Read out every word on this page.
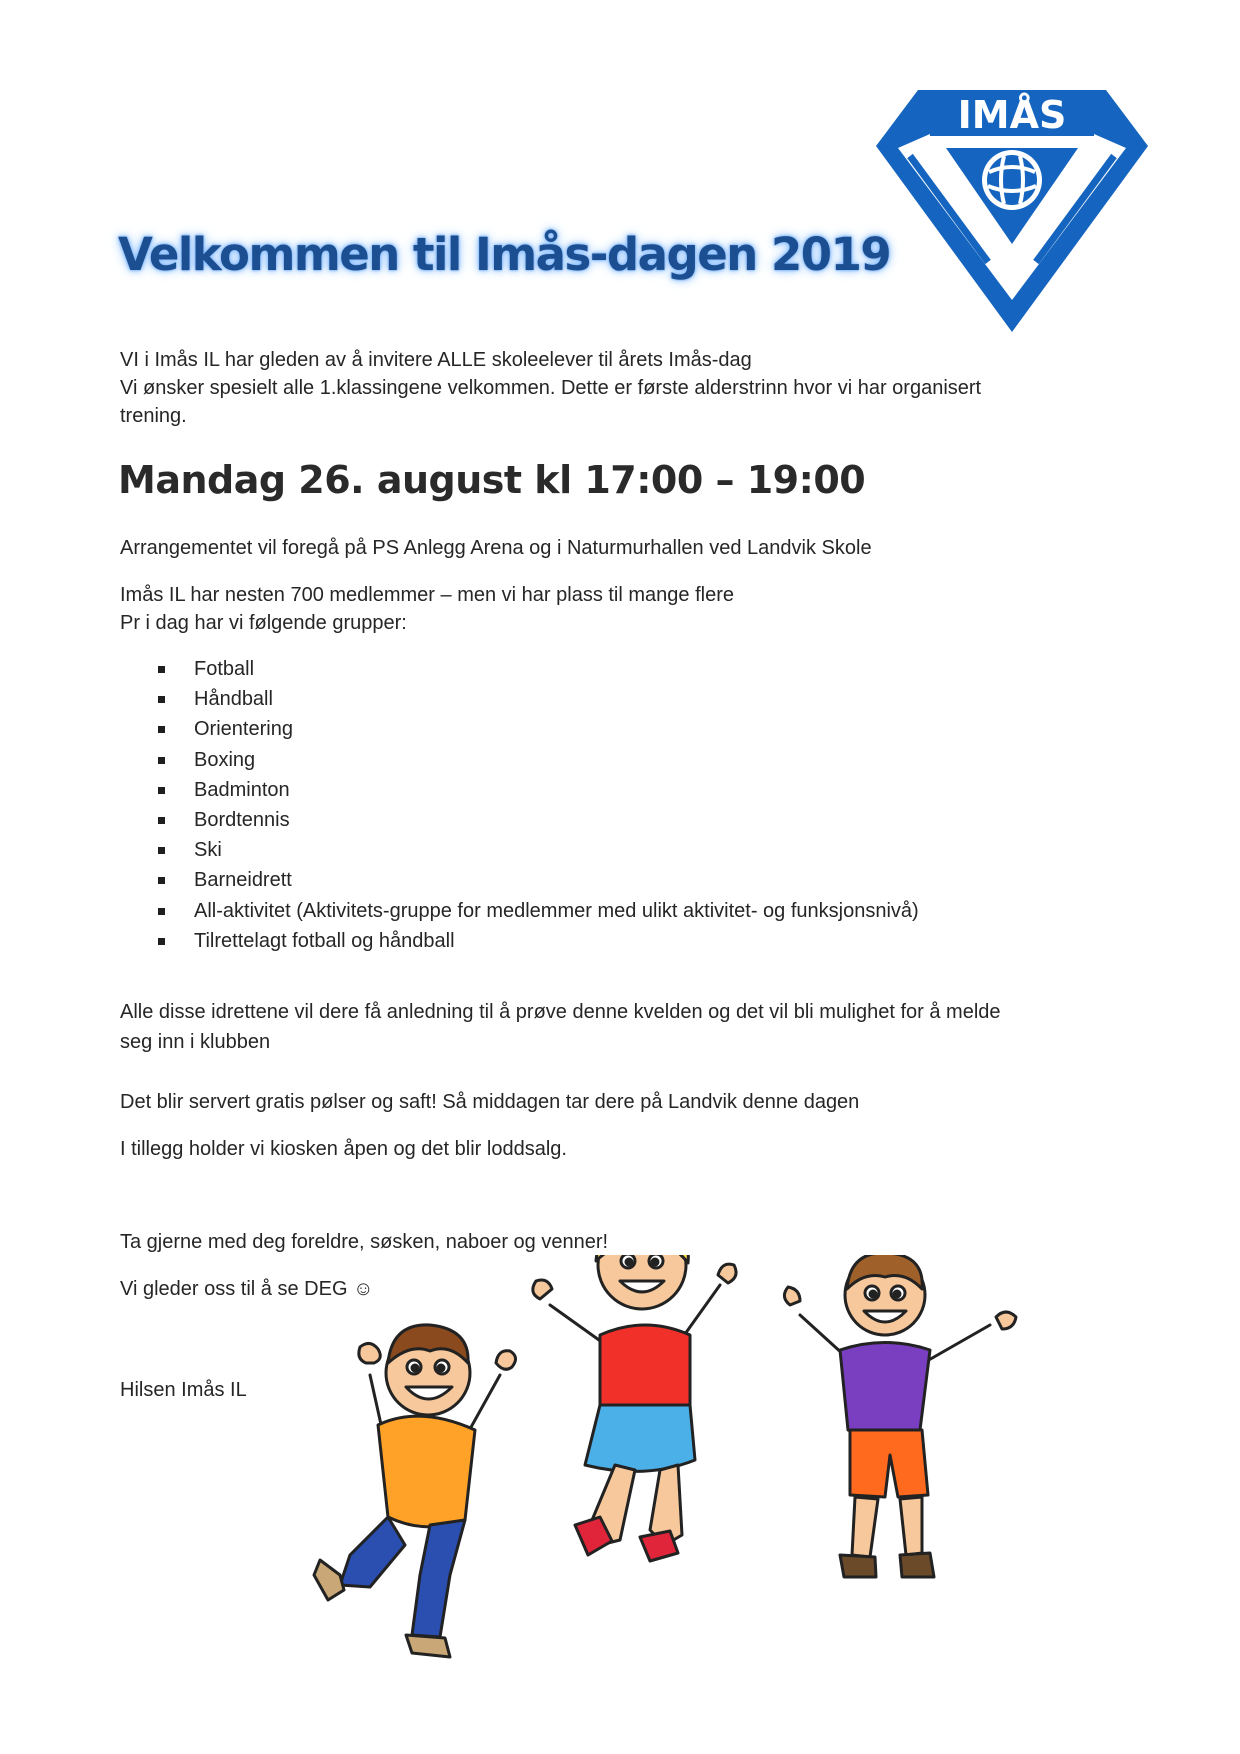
IMÅS
Velkommen til Imås-dagen 2019
VI i Imås IL har gleden av å invitere ALLE skoleelever til årets Imås-dag
Vi ønsker spesielt alle 1.klassingene velkommen. Dette er første alderstrinn hvor vi har organisert
trening.
Mandag 26. august kl 17:00 – 19:00
Arrangementet vil foregå på PS Anlegg Arena og i Naturmurhallen ved Landvik Skole
Imås IL har nesten 700 medlemmer – men vi har plass til mange flere
Pr i dag har vi følgende grupper:
Fotball
Håndball
Orientering
Boxing
Badminton
Bordtennis
Ski
Barneidrett
All-aktivitet (Aktivitets-gruppe for medlemmer med ulikt aktivitet- og funksjonsnivå)
Tilrettelagt fotball og håndball
Alle disse idrettene vil dere få anledning til å prøve denne kvelden og det vil bli mulighet for å melde
seg inn i klubben
Det blir servert gratis pølser og saft! Så middagen tar dere på Landvik denne dagen
I tillegg holder vi kiosken åpen og det blir loddsalg.
Ta gjerne med deg foreldre, søsken, naboer og venner!
Vi gleder oss til å se DEG ☺
Hilsen Imås IL
